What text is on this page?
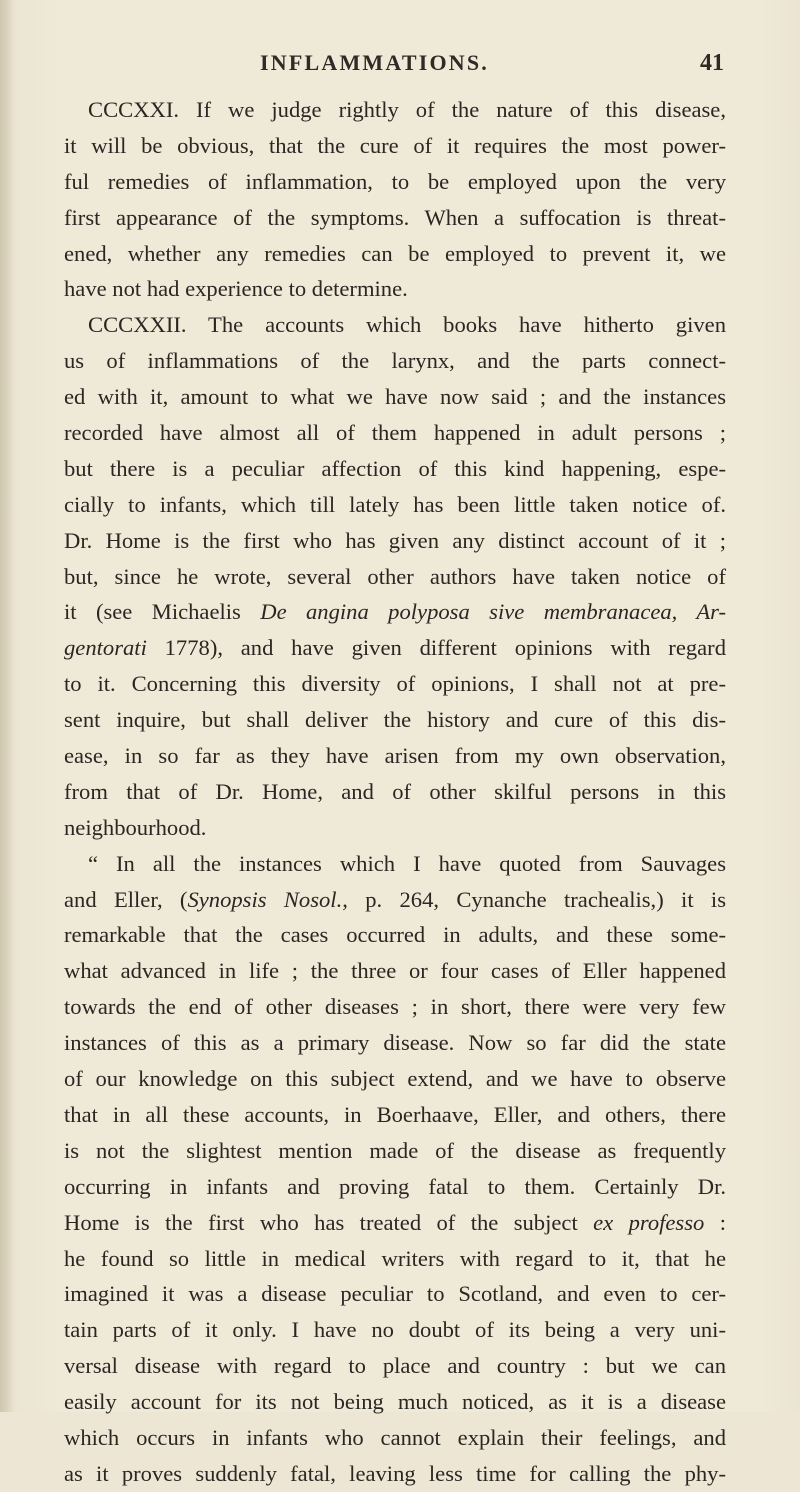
INFLAMMATIONS.	41
CCCXXI. If we judge rightly of the nature of this disease,
it will be obvious, that the cure of it requires the most power-
ful remedies of inflammation, to be employed upon the very
first appearance of the symptoms. When a suffocation is threat-
ened, whether any remedies can be employed to prevent it, we
have not had experience to determine.
CCCXXII. The accounts which books have hitherto given
us of inflammations of the larynx, and the parts connect-
ed with it, amount to what we have now said ; and the instances
recorded have almost all of them happened in adult persons ;
but there is a peculiar affection of this kind happening, espe-
cially to infants, which till lately has been little taken notice of.
Dr. Home is the first who has given any distinct account of it ;
but, since he wrote, several other authors have taken notice of
it (see Michaelis De angina polyposa sive membranacea, Ar-
gentorati 1778), and have given different opinions with regard
to it. Concerning this diversity of opinions, I shall not at pre-
sent inquire, but shall deliver the history and cure of this dis-
ease, in so far as they have arisen from my own observation,
from that of Dr. Home, and of other skilful persons in this
neighbourhood.
“ In all the instances which I have quoted from Sauvages
and Eller, (Synopsis Nosol., p. 264, Cynanche trachealis,) it is
remarkable that the cases occurred in adults, and these some-
what advanced in life ; the three or four cases of Eller happened
towards the end of other diseases ; in short, there were very few
instances of this as a primary disease. Now so far did the state
of our knowledge on this subject extend, and we have to observe
that in all these accounts, in Boerhaave, Eller, and others, there
is not the slightest mention made of the disease as frequently
occurring in infants and proving fatal to them. Certainly Dr.
Home is the first who has treated of the subject ex professo :
he found so little in medical writers with regard to it, that he
imagined it was a disease peculiar to Scotland, and even to cer-
tain parts of it only. I have no doubt of its being a very uni-
versal disease with regard to place and country : but we can
easily account for its not being much noticed, as it is a disease
which occurs in infants who cannot explain their feelings, and
as it proves suddenly fatal, leaving less time for calling the phy-
